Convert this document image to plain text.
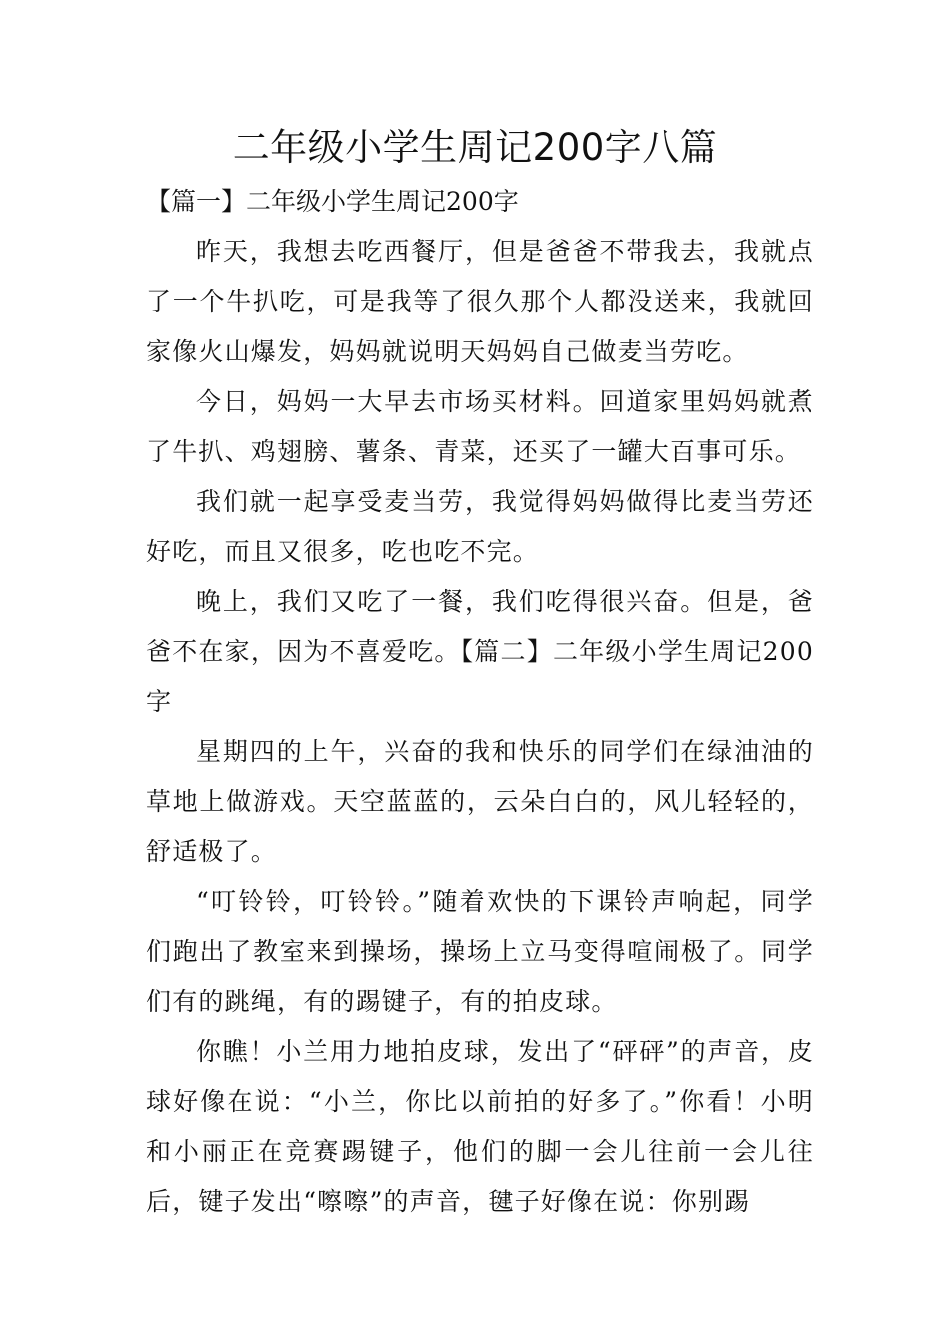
二年级小学生周记200字八篇

【篇一】二年级小学生周记200字

昨天，我想去吃西餐厅，但是爸爸不带我去，我就点了一个牛扒吃，可是我等了很久那个人都没送来，我就回家像火山爆发，妈妈就说明天妈妈自己做麦当劳吃。

今日，妈妈一大早去市场买材料。回道家里妈妈就煮了牛扒、鸡翅膀、薯条、青菜，还买了一罐大百事可乐。

我们就一起享受麦当劳，我觉得妈妈做得比麦当劳还好吃，而且又很多，吃也吃不完。

晚上，我们又吃了一餐，我们吃得很兴奋。但是，爸爸不在家，因为不喜爱吃。【篇二】二年级小学生周记200字

星期四的上午，兴奋的我和快乐的同学们在绿油油的草地上做游戏。天空蓝蓝的，云朵白白的，风儿轻轻的，舒适极了。

“叮铃铃，叮铃铃。”随着欢快的下课铃声响起，同学们跑出了教室来到操场，操场上立马变得喧闹极了。同学们有的跳绳，有的踢键子，有的拍皮球。

你瞧！小兰用力地拍皮球，发出了“砰砰”的声音，皮球好像在说：“小兰，你比以前拍的好多了。”你看！小明和小丽正在竞赛踢键子，他们的脚一会儿往前一会儿往后，键子发出“嚓嚓”的声音，毽子好像在说：你别踢
